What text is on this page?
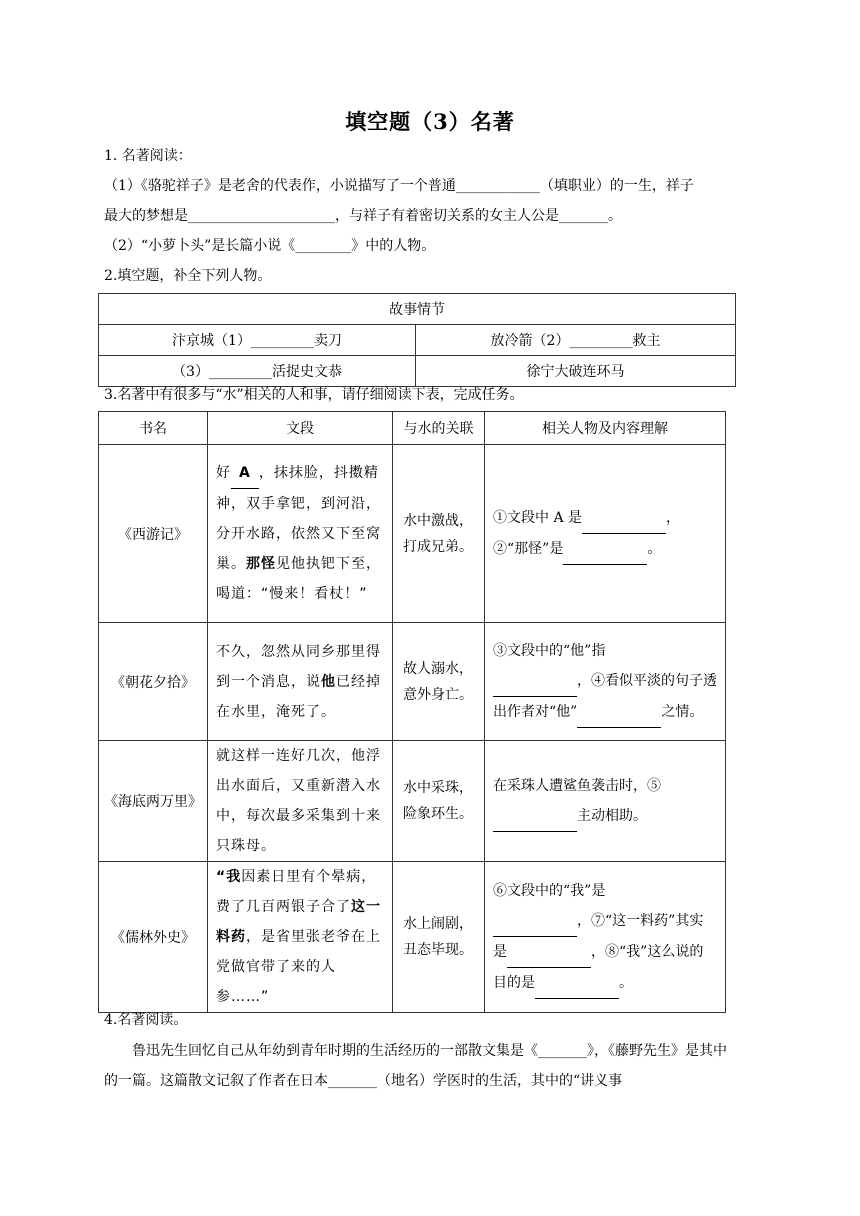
填空题（3）名著
1. 名著阅读：
（1）《骆驼祥子》是老舍的代表作，小说描写了一个普通____________（填职业）的一生，祥子
最大的梦想是_____________________，与祥子有着密切关系的女主人公是_______。
（2）“小萝卜头”是长篇小说《________》中的人物。
2.填空题，补全下列人物。
故事情节	
汴京城（1）_________卖刀	放冷箭（2）_________救主
（3）_________活捉史文恭	徐宁大破连环马
3.名著中有很多与“水”相关的人和事，请仔细阅读下表，完成任务。
书名	文段	与水的关联	相关人物及内容理解
《西游记》	好 A ，抹抹脸，抖擞精神，双手拿钯，到河沿，分开水路，依然又下至窝巢。那怪见他执钯下至，喝道：“慢来！看杖！”	水中激战，打成兄弟。	①文段中 A 是 ，
②“那怪”是 。
《朝花夕拾》	不久，忽然从同乡那里得到一个消息，说他已经掉在水里，淹死了。	故人溺水，意外身亡。	③文段中的“他”指
，④看似平淡的句子透出作者对“他” 之情。
《海底两万里》	就这样一连好几次，他浮出水面后，又重新潜入水中，每次最多采集到十来只珠母。	水中采珠，险象环生。	在采珠人遭鲨鱼袭击时，⑤
主动相助。
《儒林外史》	“我因素日里有个晕病，费了几百两银子合了这一料药，是省里张老爷在上党做官带了来的人参……”	水上闹剧，丑态毕现。	⑥文段中的“我”是
，⑦“这一料药”其实是 ，⑧“我”这么说的目的是 。
4.名著阅读。
鲁迅先生回忆自己从年幼到青年时期的生活经历的一部散文集是《_______》，《藤野先生》是其中的一篇。这篇散文记叙了作者在日本_______（地名）学医时的生活，其中的“讲义事
